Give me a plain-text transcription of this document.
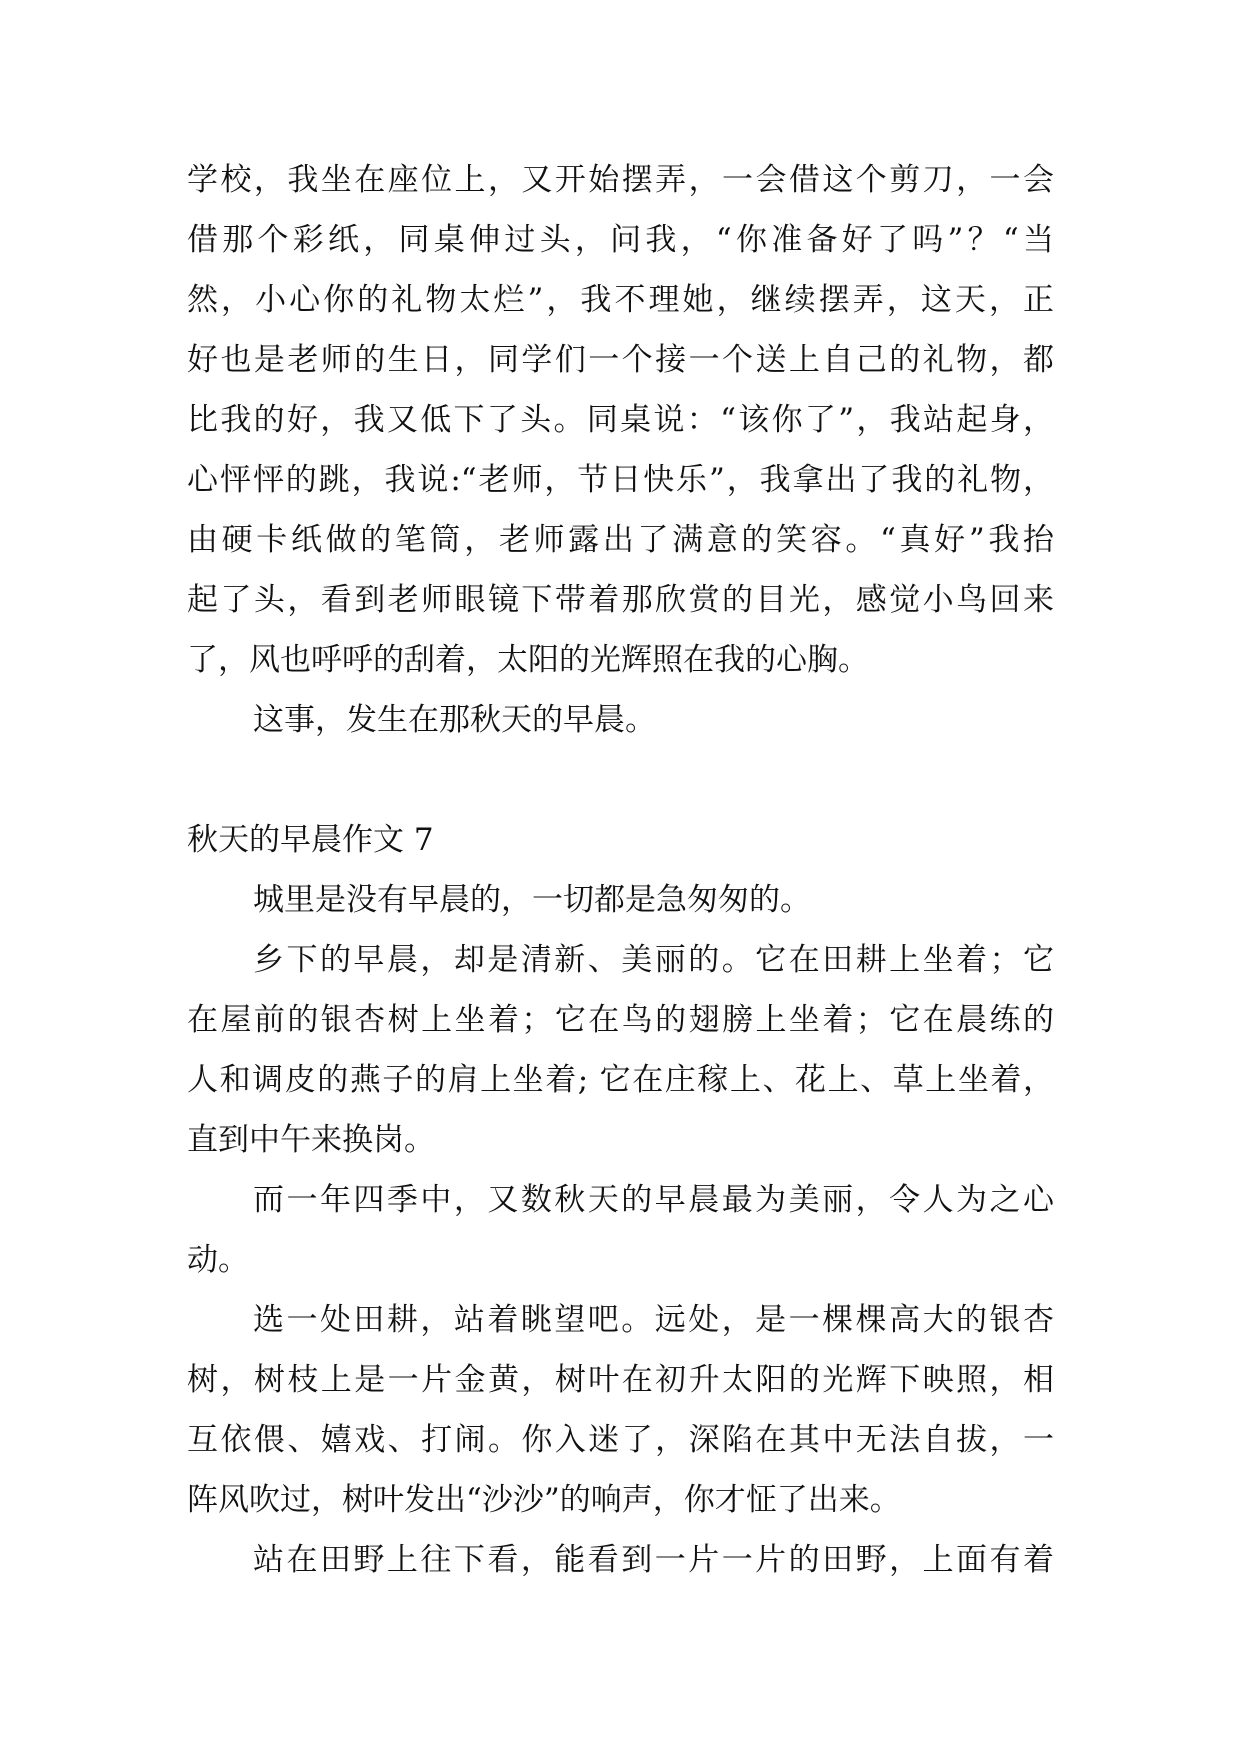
学校，我坐在座位上，又开始摆弄，一会借这个剪刀，一会
借那个彩纸，同桌伸过头，问我，“你准备好了吗”？“当
然，小心你的礼物太烂”，我不理她，继续摆弄，这天，正
好也是老师的生日，同学们一个接一个送上自己的礼物，都
比我的好，我又低下了头。同桌说：“该你了”，我站起身，
心怦怦的跳，我说:“老师，节日快乐”，我拿出了我的礼物，
由硬卡纸做的笔筒，老师露出了满意的笑容。“真好”我抬
起了头，看到老师眼镜下带着那欣赏的目光，感觉小鸟回来
了，风也呼呼的刮着，太阳的光辉照在我的心胸。
这事，发生在那秋天的早晨。
秋天的早晨作文 7
城里是没有早晨的，一切都是急匆匆的。
乡下的早晨，却是清新、美丽的。它在田耕上坐着；它
在屋前的银杏树上坐着；它在鸟的翅膀上坐着；它在晨练的
人和调皮的燕子的肩上坐着; 它在庄稼上、花上、草上坐着，
直到中午来换岗。
而一年四季中，又数秋天的早晨最为美丽，令人为之心
动。
选一处田耕，站着眺望吧。远处，是一棵棵高大的银杏
树，树枝上是一片金黄，树叶在初升太阳的光辉下映照，相
互依偎、嬉戏、打闹。你入迷了，深陷在其中无法自拔，一
阵风吹过，树叶发出“沙沙”的响声，你才怔了出来。
站在田野上往下看，能看到一片一片的田野，上面有着
